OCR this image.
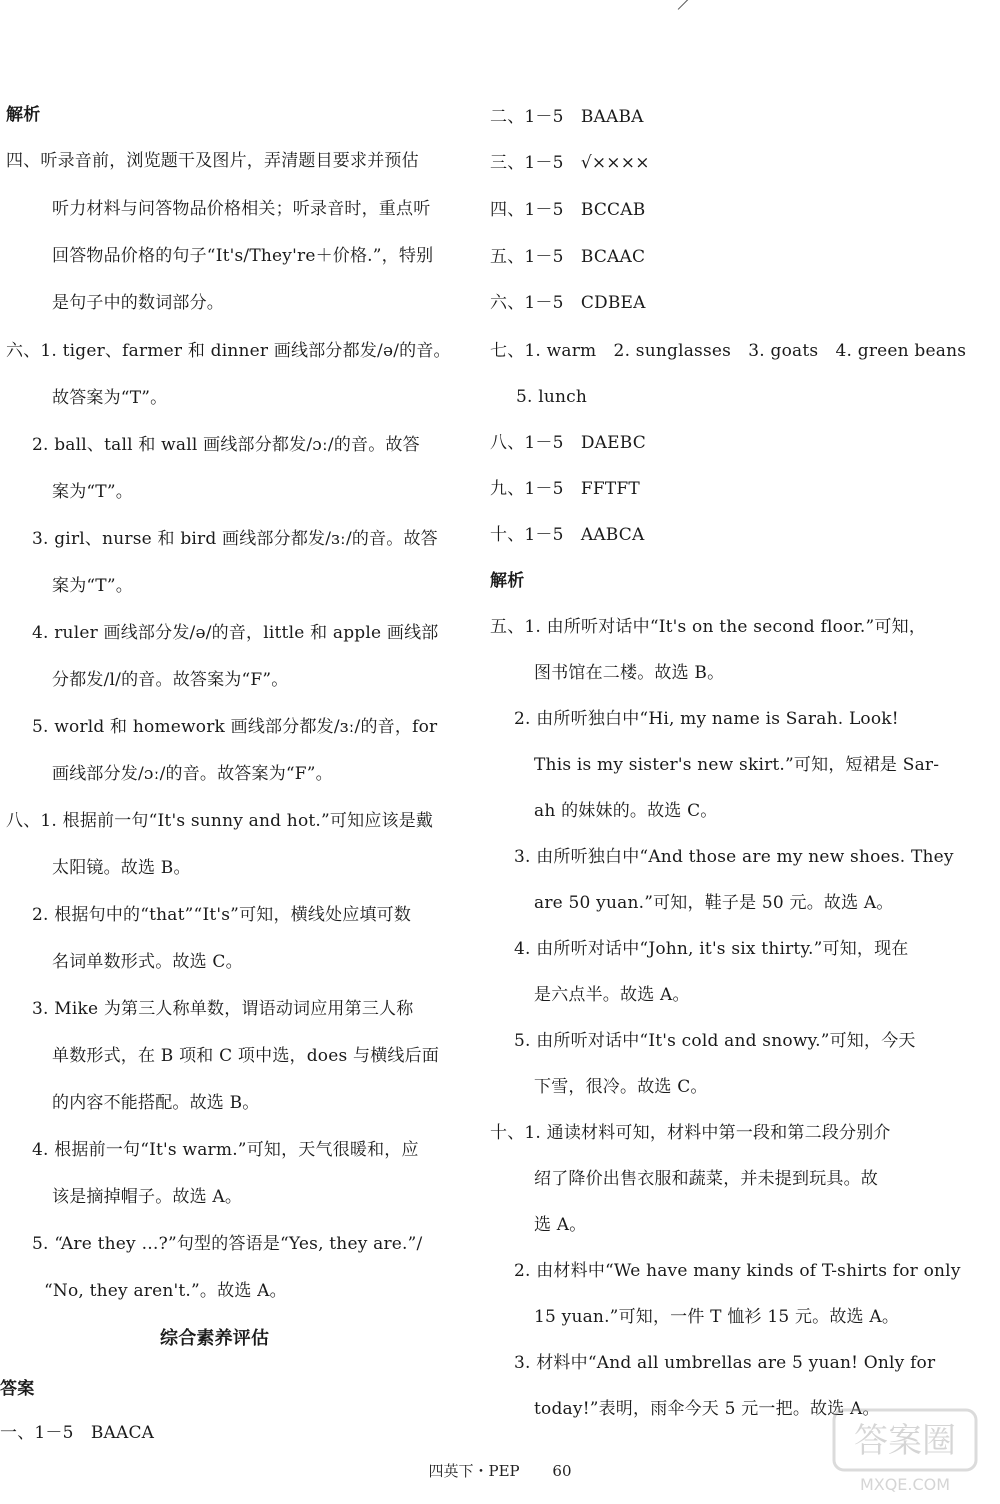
解析
四、听录音前，浏览题干及图片，弄清题目要求并预估
听力材料与问答物品价格相关；听录音时，重点听
回答物品价格的句子“It's/They're＋价格.”，特别
是句子中的数词部分。
六、1. tiger、farmer 和 dinner 画线部分都发/ə/的音。
故答案为“T”。
2. ball、tall 和 wall 画线部分都发/ɔː/的音。故答
案为“T”。
3. girl、nurse 和 bird 画线部分都发/ɜː/的音。故答
案为“T”。
4. ruler 画线部分发/ə/的音，little 和 apple 画线部
分都发/l/的音。故答案为“F”。
5. world 和 homework 画线部分都发/ɜː/的音，for
画线部分发/ɔː/的音。故答案为“F”。
八、1. 根据前一句“It's sunny and hot.”可知应该是戴
太阳镜。故选 B。
2. 根据句中的“that”“It's”可知，横线处应填可数
名词单数形式。故选 C。
3. Mike 为第三人称单数，谓语动词应用第三人称
单数形式，在 B 项和 C 项中选，does 与横线后面
的内容不能搭配。故选 B。
4. 根据前一句“It's warm.”可知，天气很暖和，应
该是摘掉帽子。故选 A。
5. “Are they …?”句型的答语是“Yes, they are.”/
“No, they aren't.”。故选 A。
综合素养评估
答案
一、1－5　BAACA
二、1－5　BAABA
三、1－5　√××××
四、1－5　BCCAB
五、1－5　BCAAC
六、1－5　CDBEA
七、1. warm　2. sunglasses　3. goats　4. green beans
5. lunch
八、1－5　DAEBC
九、1－5　FFTFT
十、1－5　AABCA
解析
五、1. 由所听对话中“It's on the second floor.”可知，
图书馆在二楼。故选 B。
2. 由所听独白中“Hi, my name is Sarah. Look!
This is my sister's new skirt.”可知，短裙是 Sar-
ah 的妹妹的。故选 C。
3. 由所听独白中“And those are my new shoes. They
are 50 yuan.”可知，鞋子是 50 元。故选 A。
4. 由所听对话中“John, it's six thirty.”可知，现在
是六点半。故选 A。
5. 由所听对话中“It's cold and snowy.”可知，今天
下雪，很冷。故选 C。
十、1. 通读材料可知，材料中第一段和第二段分别介
绍了降价出售衣服和蔬菜，并未提到玩具。故
选 A。
2. 由材料中“We have many kinds of T-shirts for only
15 yuan.”可知，一件 T 恤衫 15 元。故选 A。
3. 材料中“And all umbrellas are 5 yuan! Only for
today!”表明，雨伞今天 5 元一把。故选 A。
四英下・PEP 60
答案圈
MXQE.COM
